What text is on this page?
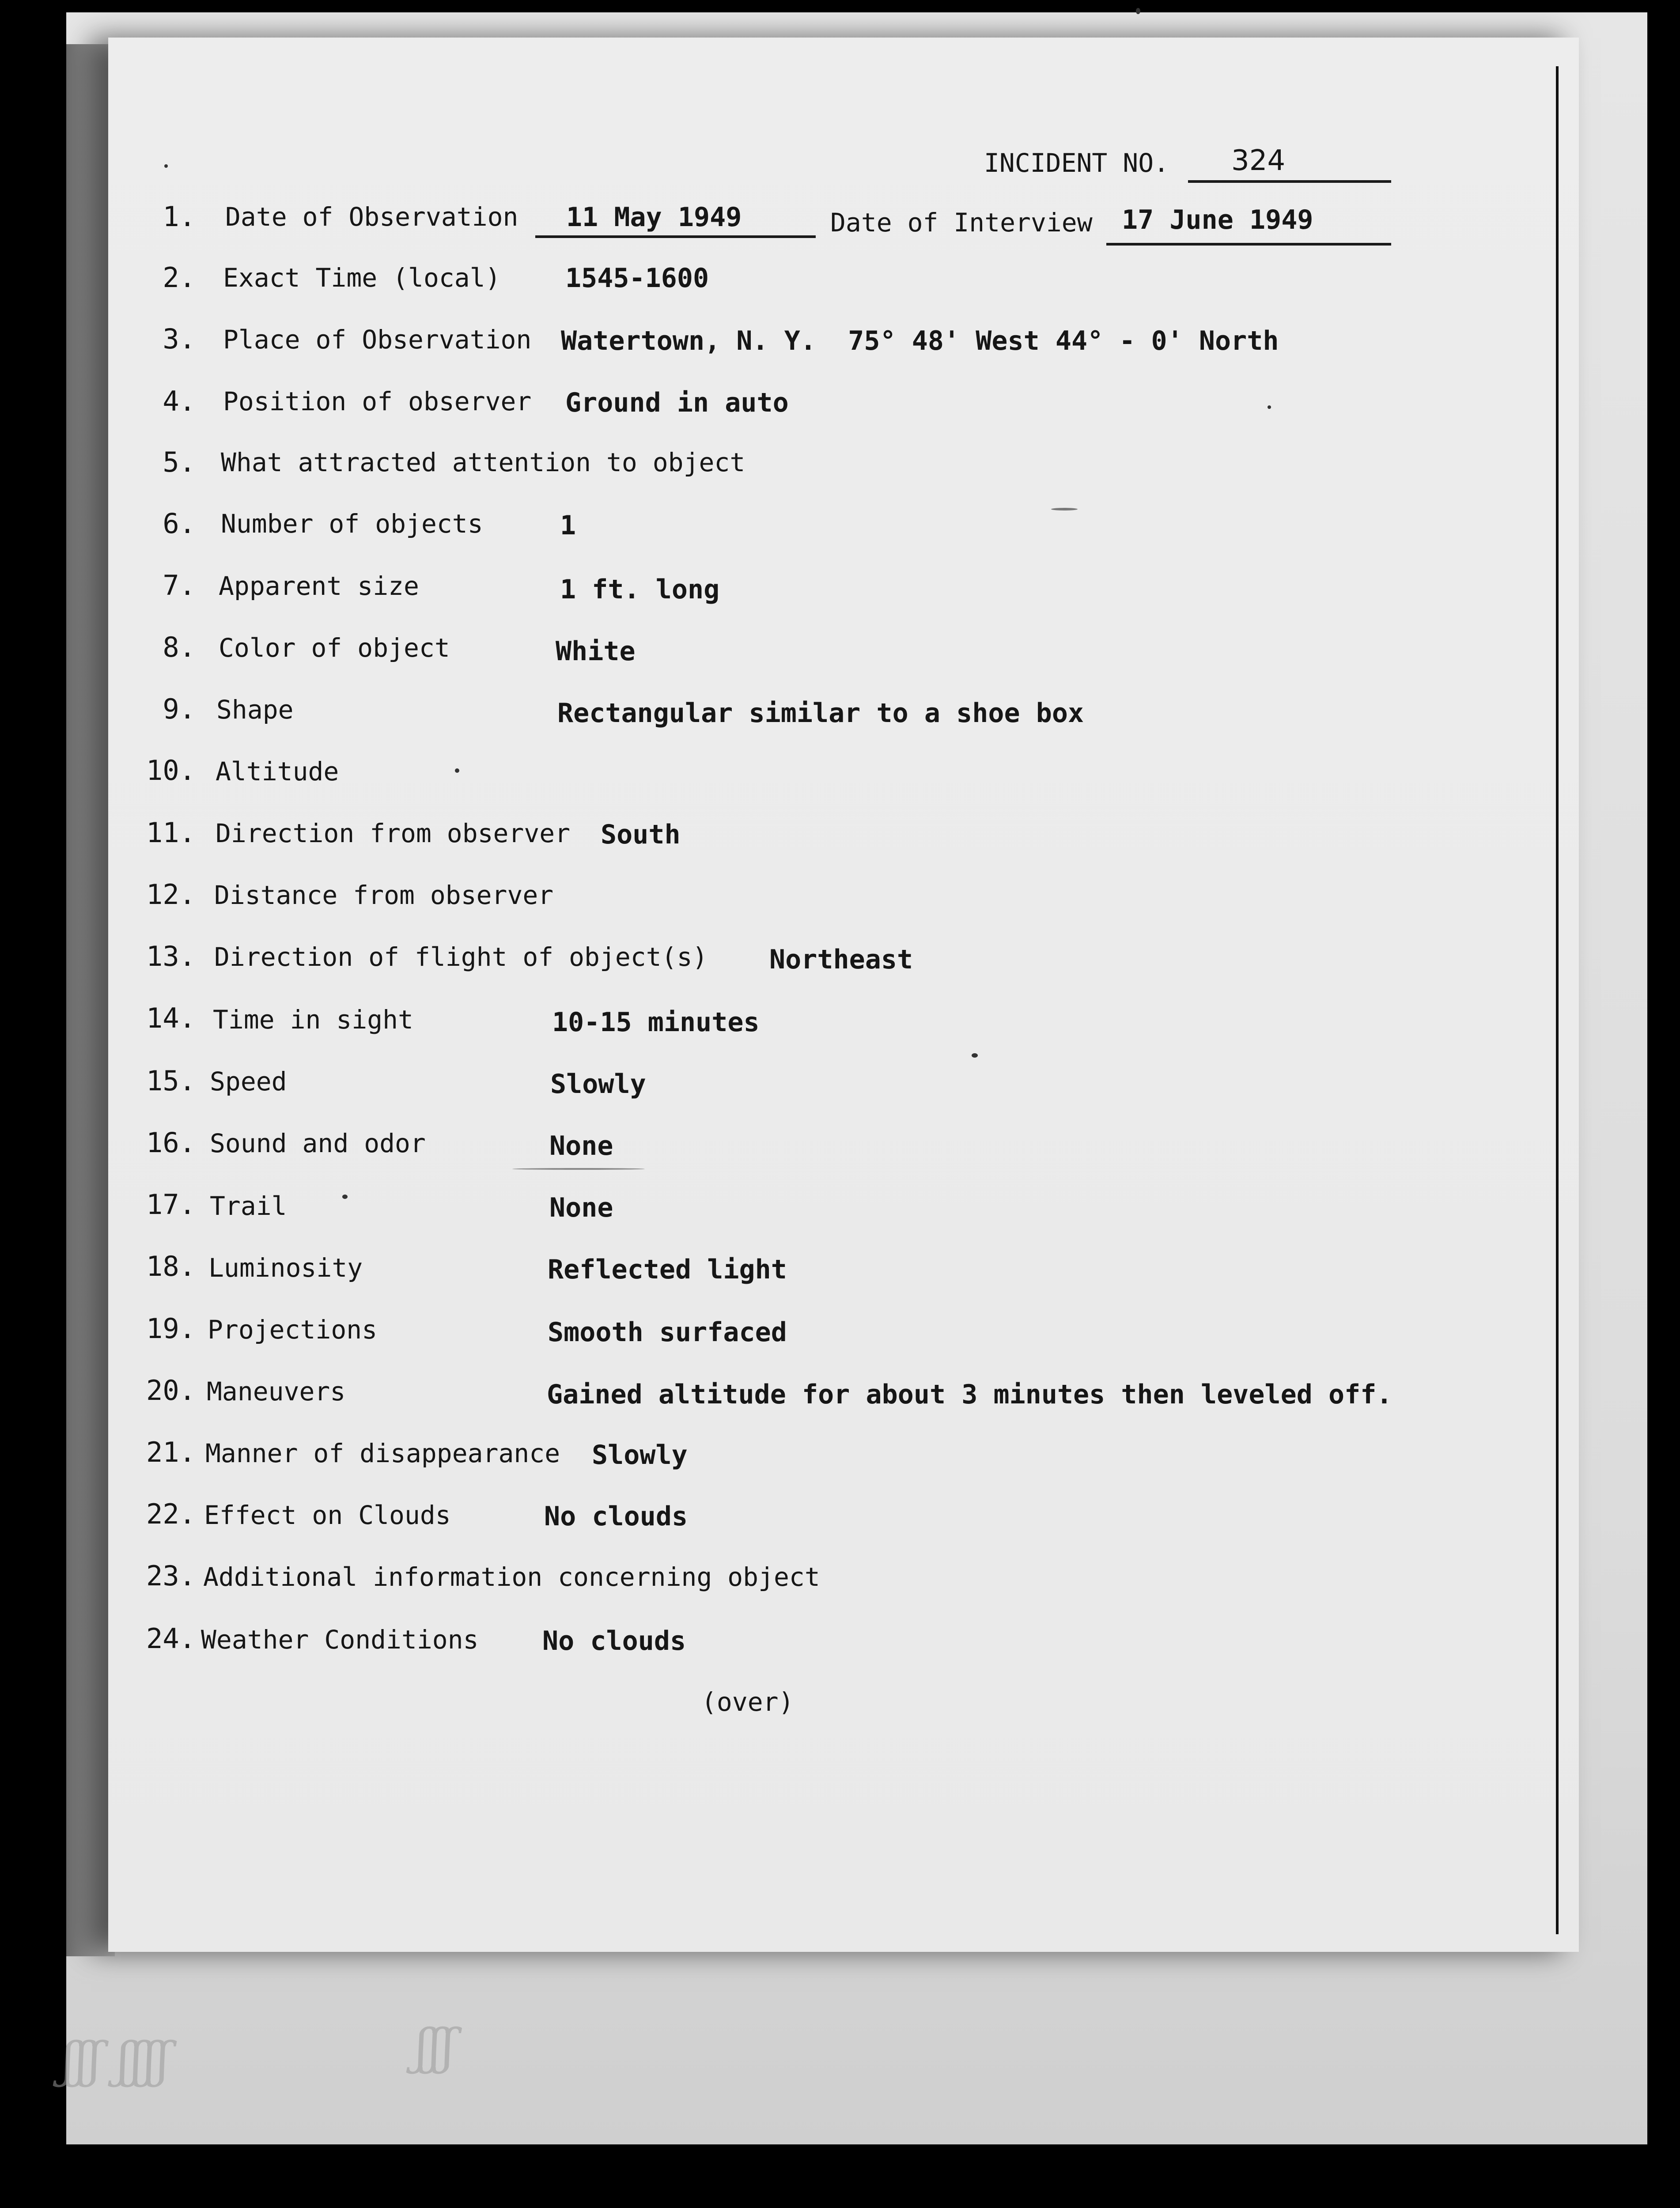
ʃʃʃ ʃʃʃʃ	ʃʃʃ
INCIDENT NO. 324
1. Date of Observation 11 May 1949	Date of Interview 17 June 1949
2. Exact Time (local) 1545-1600
3. Place of Observation Watertown, N. Y.  75° 48' West 44° - 0' North
4. Position of observer Ground in auto
5. What attracted attention to object
6. Number of objects	1
7. Apparent size	1 ft. long
8. Color of object	White
9. Shape	Rectangular similar to a shoe box
10. Altitude
11. Direction from observer South
12. Distance from observer
13. Direction of flight of object(s) Northeast
14. Time in sight	10-15 minutes
15. Speed	Slowly
16. Sound and odor	None
17. Trail	None
18. Luminosity	Reflected light
19. Projections	Smooth surfaced
20. Maneuvers	Gained altitude for about 3 minutes then leveled off.
21. Manner of disappearance Slowly
22. Effect on Clouds	No clouds
23. Additional information concerning object
24. Weather Conditions No clouds
(over)
